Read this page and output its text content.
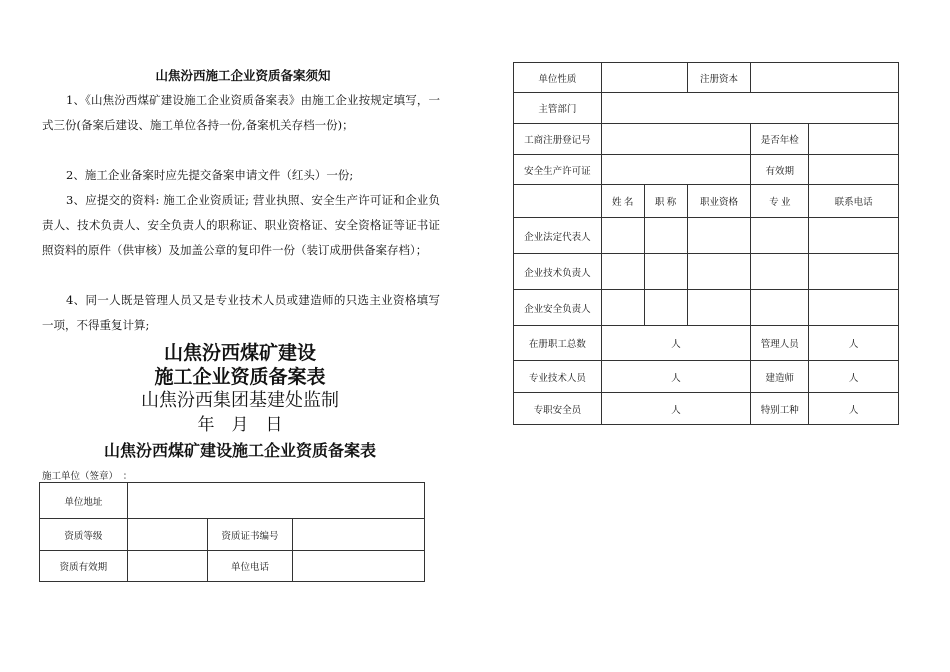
山焦汾西施工企业资质备案须知
1、《山焦汾西煤矿建设施工企业资质备案表》由施工企业按规定填写，一式三份(备案后建设、施工单位各持一份,备案机关存档一份)；
2、施工企业备案时应先提交备案申请文件（红头）一份;
3、应提交的资料: 施工企业资质证; 营业执照、安全生产许可证和企业负责人、技术负责人、安全负责人的职称证、职业资格证、安全资格证等证书证照资料的原件（供审核）及加盖公章的复印件一份（装订成册供备案存档）；
4、同一人既是管理人员又是专业技术人员或建造师的只选主业资格填写一项，不得重复计算;
山焦汾西煤矿建设
施工企业资质备案表
山焦汾西集团基建处监制
年　月　日
山焦汾西煤矿建设施工企业资质备案表
施工单位（签章）　：
单位地址			
资质等级		资质证书编号	
资质有效期		单位电话	
单位性质			注册资本		
主管部门					
工商注册登记号				是否年检	
安全生产许可证				有效期	
	姓 名	职 称	职业资格	专 业	联系电话
企业法定代表人					
企业技术负责人					
企业安全负责人					
在册职工总数	人			管理人员	人
专业技术人员	人			建造师	人
专职安全员	人			特别工种	人
